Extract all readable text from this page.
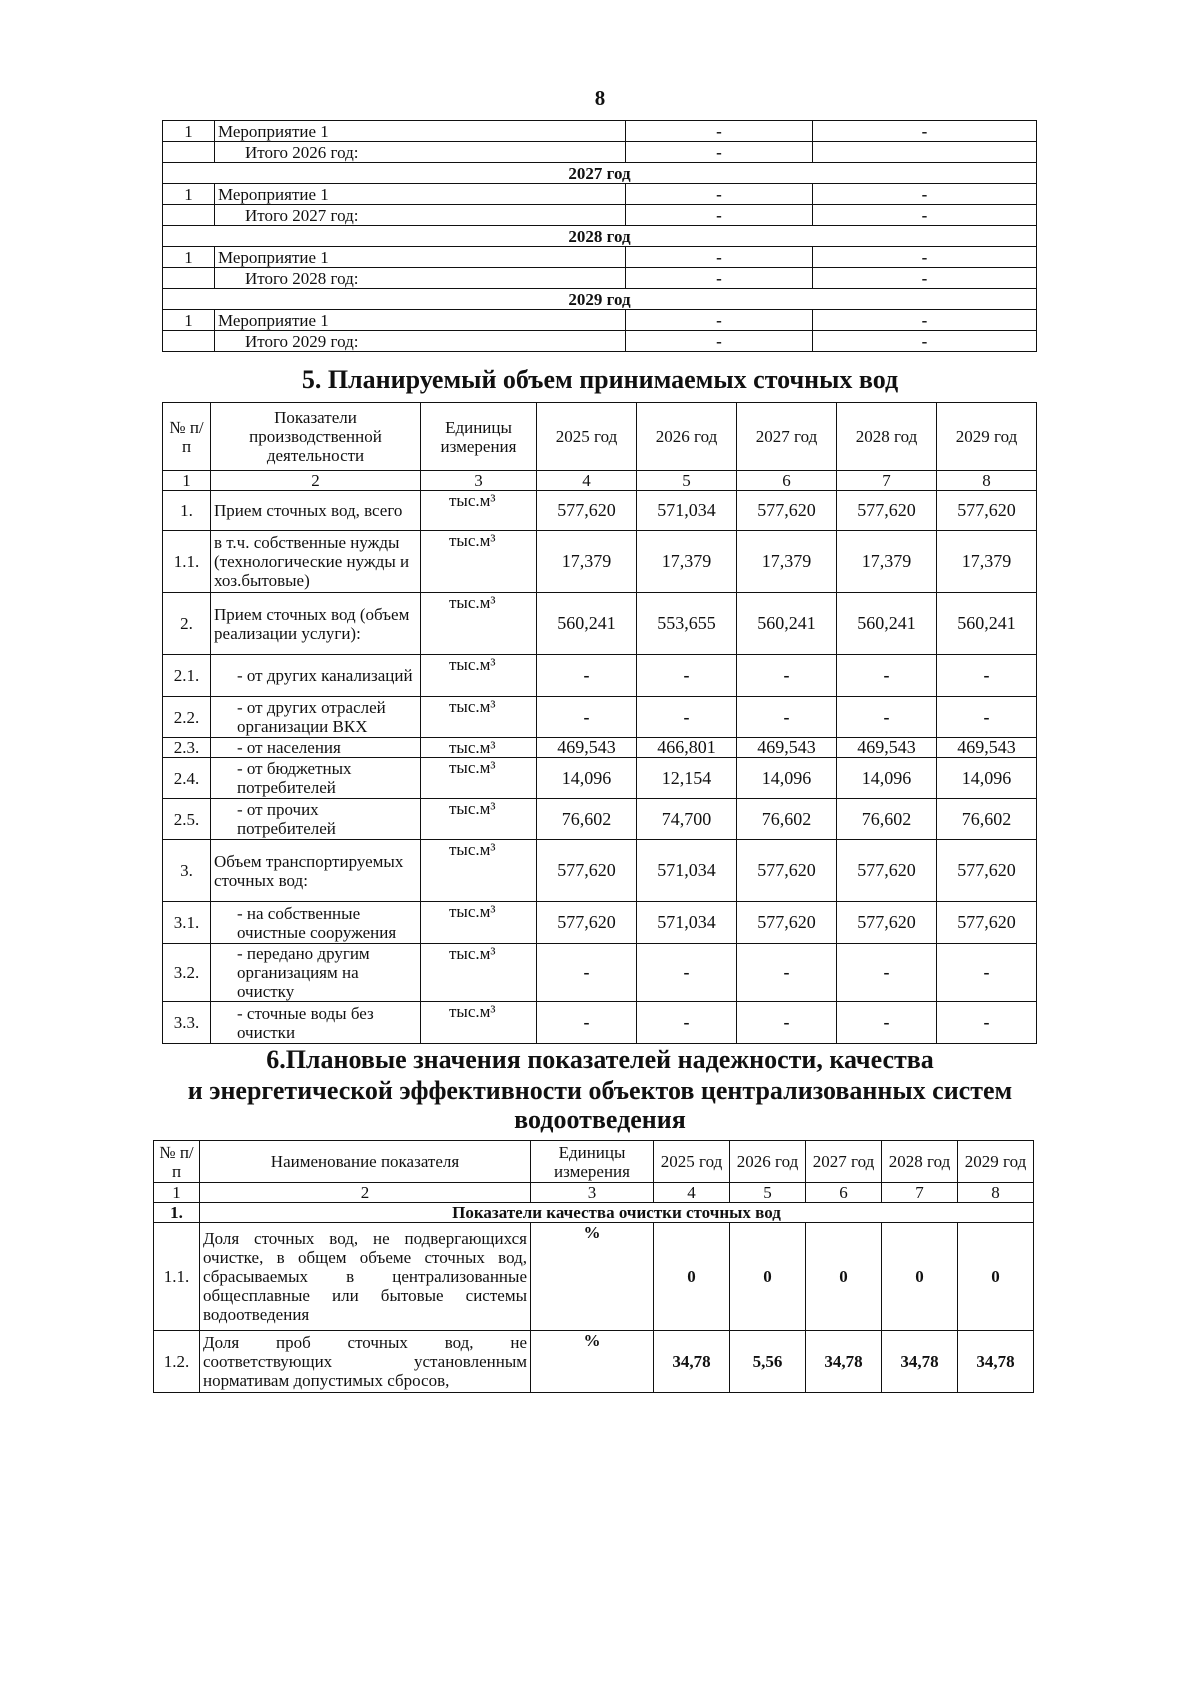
8
1	Мероприятие 1	-	-
	Итого 2026 год:	-	
2027 год			
1	Мероприятие 1	-	-
	Итого 2027 год:	-	-
2028 год			
1	Мероприятие 1	-	-
	Итого 2028 год:	-	-
2029 год			
1	Мероприятие 1	-	-
	Итого 2029 год:	-	-
5. Планируемый объем принимаемых сточных вод
№ п/п	Показатели производственной деятельности	Единицы измерения	2025 год	2026 год	2027 год	2028 год	2029 год
1	2	3	4	5	6	7	8
1.	Прием сточных вод, всего	тыс.м³	577,620	571,034	577,620	577,620	577,620
1.1.	в т.ч. собственные нужды (технологические нужды и хоз.бытовые)	тыс.м³	17,379	17,379	17,379	17,379	17,379
2.	Прием сточных вод (объем реализации услуги):	тыс.м³	560,241	553,655	560,241	560,241	560,241
2.1.	- от других канализаций	тыс.м³	-	-	-	-	-
2.2.	- от других отраслей организации ВКХ	тыс.м³	-	-	-	-	-
2.3.	- от населения	тыс.м³	469,543	466,801	469,543	469,543	469,543
2.4.	- от бюджетных потребителей	тыс.м³	14,096	12,154	14,096	14,096	14,096
2.5.	- от прочих потребителей	тыс.м³	76,602	74,700	76,602	76,602	76,602
3.	Объем транспортируемых сточных вод:	тыс.м³	577,620	571,034	577,620	577,620	577,620
3.1.	- на собственные очистные сооружения	тыс.м³	577,620	571,034	577,620	577,620	577,620
3.2.	- передано другим организациям на очистку	тыс.м³	-	-	-	-	-
3.3.	- сточные воды без очистки	тыс.м³	-	-	-	-	-
6.Плановые значения показателей надежности, качества
и энергетической эффективности объектов централизованных систем
водоотведения
№ п/п	Наименование показателя	Единицы измерения	2025 год	2026 год	2027 год	2028 год	2029 год
1	2	3	4	5	6	7	8
1.	Показатели качества очистки сточных вод						
1.1.	Доля сточных вод, не подвергающихся очистке, в общем объеме сточных вод, сбрасываемых в централизованные общесплавные или бытовые системы водоотведения	%	0	0	0	0	0
1.2.	Доля проб сточных вод, не соответствующих установленным нормативам допустимых сбросов,	%	34,78	5,56	34,78	34,78	34,78
